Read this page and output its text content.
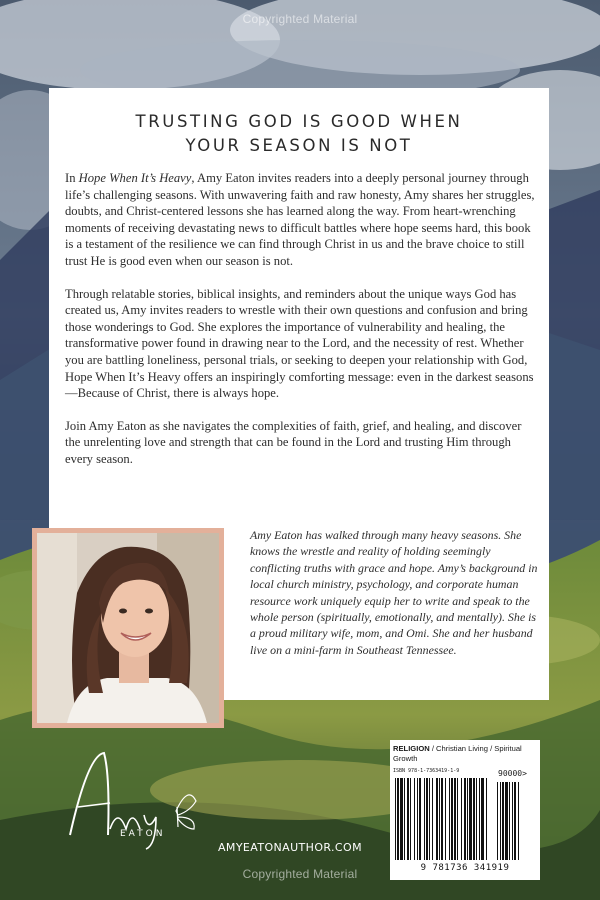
Copyrighted Material
TRUSTING GOD IS GOOD WHEN
YOUR SEASON IS NOT

In Hope When It’s Heavy, Amy Eaton invites readers into a deeply personal journey through life’s challenging seasons. With unwavering faith and raw honesty, Amy shares her struggles, doubts, and Christ-centered lessons she has learned along the way. From heart-wrenching moments of receiving devastating news to difficult battles where hope seems hard, this book is a testament of the resilience we can find through Christ in us and the brave choice to still trust He is good even when our season is not.

Through relatable stories, biblical insights, and reminders about the unique ways God has created us, Amy invites readers to wrestle with their own questions and confusion and bring those wonderings to God. She explores the importance of vulnerability and healing, the transformative power found in drawing near to the Lord, and the necessity of rest. Whether you are battling loneliness, personal trials, or seeking to deepen your relationship with God, Hope When It’s Heavy offers an inspiringly comforting message: even in the darkest seasons—Because of Christ, there is always hope.

Join Amy Eaton as she navigates the complexities of faith, grief, and healing, and discover the unrelenting love and strength that can be found in the Lord and trusting Him through every season.

Amy Eaton has walked through many heavy seasons. She knows the wrestle and reality of holding seemingly conflicting truths with grace and hope. Amy’s background in local church ministry, psychology, and corporate human resource work uniquely equip her to write and speak to the whole person (spiritually, emotionally, and mentally). She is a proud military wife, mom, and Omi. She and her husband live on a mini-farm in Southeast Tennessee.
EATON
AMYEATONAUTHOR.COM
RELIGION / Christian Living / Spiritual Growth
ISBN 978-1-7363419-1-9	90000>
9 781736 341919
Copyrighted Material
